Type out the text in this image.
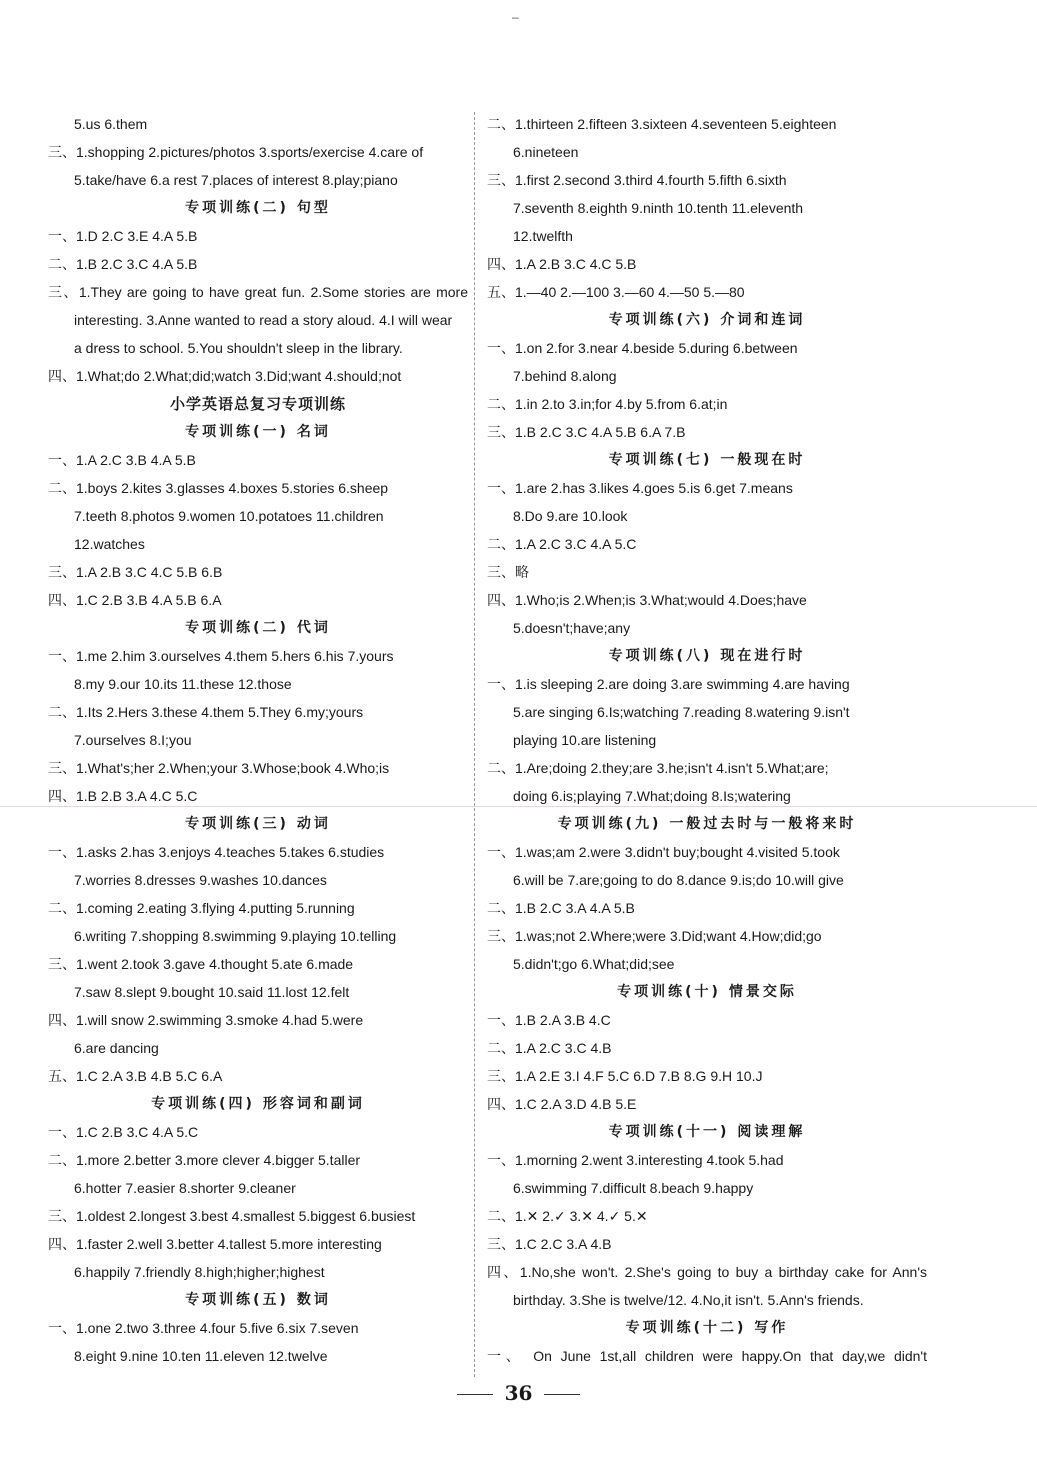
–
5.us 6.them
三、1.shopping 2.pictures/photos 3.sports/exercise 4.care of
5.take/have 6.a rest 7.places of interest 8.play;piano
专项训练(二) 句型
一、1.D 2.C 3.E 4.A 5.B
二、1.B 2.C 3.C 4.A 5.B
三、1.They are going to have great fun. 2.Some stories are more
interesting. 3.Anne wanted to read a story aloud. 4.I will wear
a dress to school. 5.You shouldn't sleep in the library.
四、1.What;do 2.What;did;watch 3.Did;want 4.should;not
小学英语总复习专项训练
专项训练(一) 名词
一、1.A 2.C 3.B 4.A 5.B
二、1.boys 2.kites 3.glasses 4.boxes 5.stories 6.sheep
7.teeth 8.photos 9.women 10.potatoes 11.children
12.watches
三、1.A 2.B 3.C 4.C 5.B 6.B
四、1.C 2.B 3.B 4.A 5.B 6.A
专项训练(二) 代词
一、1.me 2.him 3.ourselves 4.them 5.hers 6.his 7.yours
8.my 9.our 10.its 11.these 12.those
二、1.Its 2.Hers 3.these 4.them 5.They 6.my;yours
7.ourselves 8.I;you
三、1.What's;her 2.When;your 3.Whose;book 4.Who;is
四、1.B 2.B 3.A 4.C 5.C
专项训练(三) 动词
一、1.asks 2.has 3.enjoys 4.teaches 5.takes 6.studies
7.worries 8.dresses 9.washes 10.dances
二、1.coming 2.eating 3.flying 4.putting 5.running
6.writing 7.shopping 8.swimming 9.playing 10.telling
三、1.went 2.took 3.gave 4.thought 5.ate 6.made
7.saw 8.slept 9.bought 10.said 11.lost 12.felt
四、1.will snow 2.swimming 3.smoke 4.had 5.were
6.are dancing
五、1.C 2.A 3.B 4.B 5.C 6.A
专项训练(四) 形容词和副词
一、1.C 2.B 3.C 4.A 5.C
二、1.more 2.better 3.more clever 4.bigger 5.taller
6.hotter 7.easier 8.shorter 9.cleaner
三、1.oldest 2.longest 3.best 4.smallest 5.biggest 6.busiest
四、1.faster 2.well 3.better 4.tallest 5.more interesting
6.happily 7.friendly 8.high;higher;highest
专项训练(五) 数词
一、1.one 2.two 3.three 4.four 5.five 6.six 7.seven
8.eight 9.nine 10.ten 11.eleven 12.twelve
二、1.thirteen 2.fifteen 3.sixteen 4.seventeen 5.eighteen
6.nineteen
三、1.first 2.second 3.third 4.fourth 5.fifth 6.sixth
7.seventh 8.eighth 9.ninth 10.tenth 11.eleventh
12.twelfth
四、1.A 2.B 3.C 4.C 5.B
五、1.—40 2.—100 3.—60 4.—50 5.—80
专项训练(六) 介词和连词
一、1.on 2.for 3.near 4.beside 5.during 6.between
7.behind 8.along
二、1.in 2.to 3.in;for 4.by 5.from 6.at;in
三、1.B 2.C 3.C 4.A 5.B 6.A 7.B
专项训练(七) 一般现在时
一、1.are 2.has 3.likes 4.goes 5.is 6.get 7.means
8.Do 9.are 10.look
二、1.A 2.C 3.C 4.A 5.C
三、略
四、1.Who;is 2.When;is 3.What;would 4.Does;have
5.doesn't;have;any
专项训练(八) 现在进行时
一、1.is sleeping 2.are doing 3.are swimming 4.are having
5.are singing 6.Is;watching 7.reading 8.watering 9.isn't
playing 10.are listening
二、1.Are;doing 2.they;are 3.he;isn't 4.isn't 5.What;are;
doing 6.is;playing 7.What;doing 8.Is;watering
专项训练(九) 一般过去时与一般将来时
一、1.was;am 2.were 3.didn't buy;bought 4.visited 5.took
6.will be 7.are;going to do 8.dance 9.is;do 10.will give
二、1.B 2.C 3.A 4.A 5.B
三、1.was;not 2.Where;were 3.Did;want 4.How;did;go
5.didn't;go 6.What;did;see
专项训练(十) 情景交际
一、1.B 2.A 3.B 4.C
二、1.A 2.C 3.C 4.B
三、1.A 2.E 3.I 4.F 5.C 6.D 7.B 8.G 9.H 10.J
四、1.C 2.A 3.D 4.B 5.E
专项训练(十一) 阅读理解
一、1.morning 2.went 3.interesting 4.took 5.had
6.swimming 7.difficult 8.beach 9.happy
二、1.✕ 2.✓ 3.✕ 4.✓ 5.✕
三、1.C 2.C 3.A 4.B
四、1.No,she won't. 2.She's going to buy a birthday cake for Ann's
birthday. 3.She is twelve/12. 4.No,it isn't. 5.Ann's friends.
专项训练(十二) 写作
一、 On June 1st,all children were happy.On that day,we didn't
36
